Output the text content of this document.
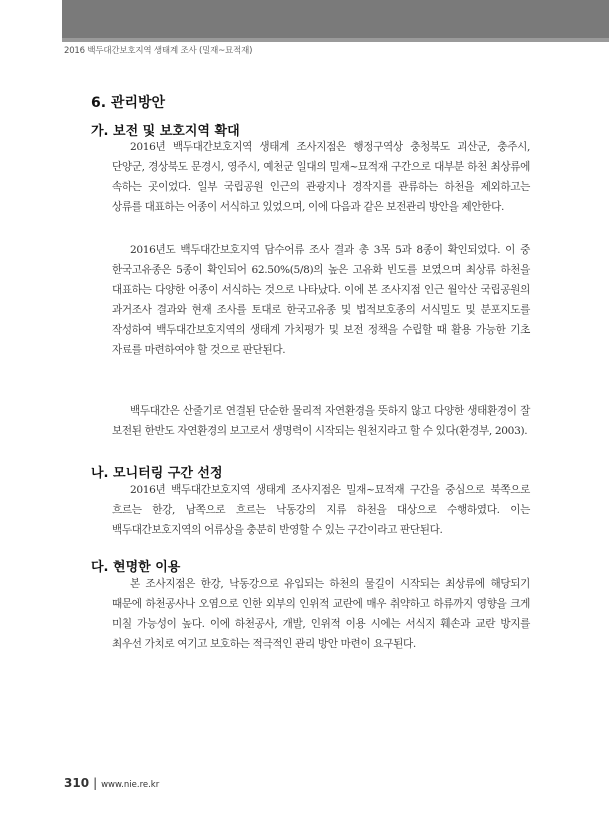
2016 백두대간보호지역 생태계 조사 (밀재~묘적재)
6. 관리방안
가. 보전 및 보호지역 확대

2016년 백두대간보호지역 생태계 조사지점은 행정구역상 충청북도 괴산군, 충주시, 단양군, 경상북도 문경시, 영주시, 예천군 일대의 밀재~묘적재 구간으로 대부분 하천 최상류에 속하는 곳이었다. 일부 국립공원 인근의 관광지나 경작지를 관류하는 하천을 제외하고는 상류를 대표하는 어종이 서식하고 있었으며, 이에 다음과 같은 보전관리 방안을 제안한다.

2016년도 백두대간보호지역 담수어류 조사 결과 총 3목 5과 8종이 확인되었다. 이 중 한국고유종은 5종이 확인되어 62.50%(5/8)의 높은 고유화 빈도를 보였으며 최상류 하천을 대표하는 다양한 어종이 서식하는 것으로 나타났다. 이에 본 조사지점 인근 월악산 국립공원의 과거조사 결과와 현재 조사를 토대로 한국고유종 및 법적보호종의 서식밀도 및 분포지도를 작성하여 백두대간보호지역의 생태계 가치평가 및 보전 정책을 수립할 때 활용 가능한 기초 자료를 마련하여야 할 것으로 판단된다.

백두대간은 산줄기로 연결된 단순한 물리적 자연환경을 뜻하지 않고 다양한 생태환경이 잘 보전된 한반도 자연환경의 보고로서 생명력이 시작되는 원천지라고 할 수 있다(환경부, 2003).

나. 모니터링 구간 선정

2016년 백두대간보호지역 생태계 조사지점은 밀재~묘적재 구간을 중심으로 북쪽으로 흐르는 한강, 남쪽으로 흐르는 낙동강의 지류 하천을 대상으로 수행하였다. 이는 백두대간보호지역의 어류상을 충분히 반영할 수 있는 구간이라고 판단된다.

다. 현명한 이용

본 조사지점은 한강, 낙동강으로 유입되는 하천의 물길이 시작되는 최상류에 해당되기 때문에 하천공사나 오염으로 인한 외부의 인위적 교란에 매우 취약하고 하류까지 영향을 크게 미칠 가능성이 높다. 이에 하천공사, 개발, 인위적 이용 시에는 서식지 훼손과 교란 방지를 최우선 가치로 여기고 보호하는 적극적인 관리 방안 마련이 요구된다.

310 | www.nie.re.kr
